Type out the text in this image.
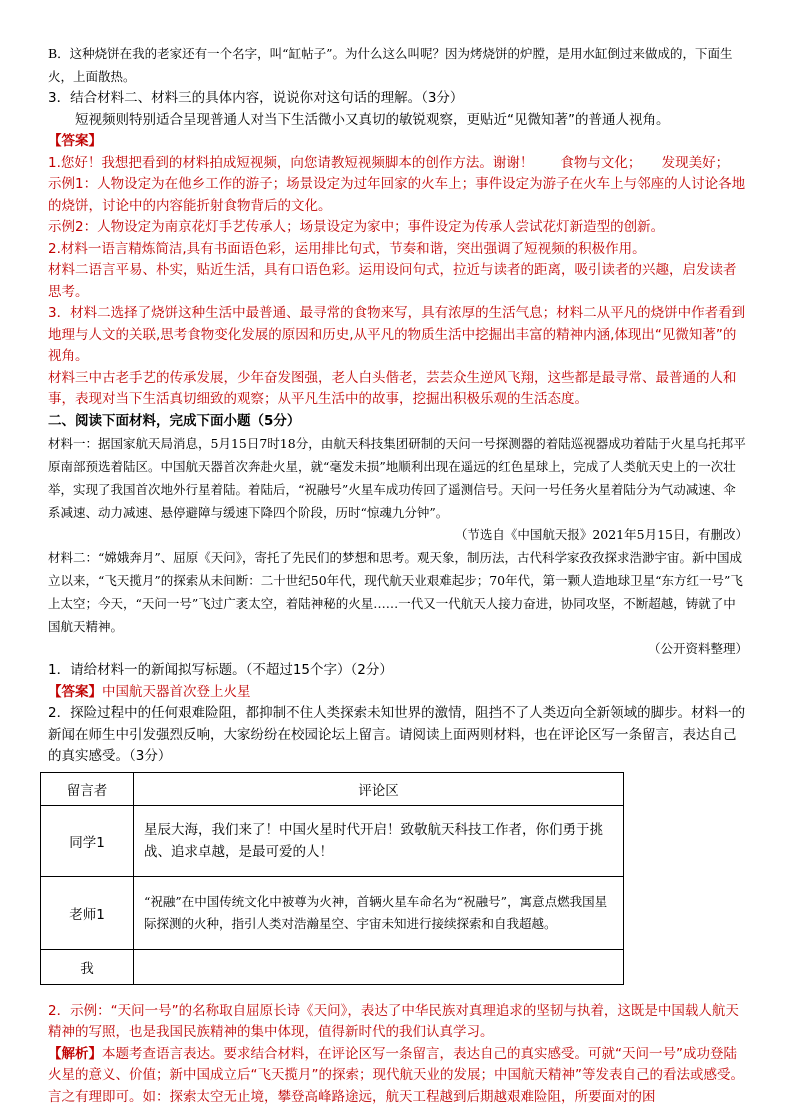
B．这种烧饼在我的老家还有一个名字，叫“缸帖子”。为什么这么叫呢？因为烤烧饼的炉膛，是用水缸倒过来做成的，下面生火，上面散热。

3．结合材料二、材料三的具体内容，说说你对这句话的理解。（3分）

短视频则特别适合呈现普通人对当下生活微小又真切的敏锐观察，更贴近“见微知著”的普通人视角。

【答案】

1.您好！我想把看到的材料拍成短视频，向您请教短视频脚本的创作方法。谢谢！　　食物与文化；　　发现美好；　　示例1：人物设定为在他乡工作的游子；场景设定为过年回家的火车上；事件设定为游子在火车上与邻座的人讨论各地的烧饼，讨论中的内容能折射食物背后的文化。

示例2：人物设定为南京花灯手艺传承人；场景设定为家中；事件设定为传承人尝试花灯新造型的创新。

2.材料一语言精炼简洁,具有书面语色彩，运用排比句式，节奏和谐，突出强调了短视频的积极作用。

材料二语言平易、朴实，贴近生活，具有口语色彩。运用设问句式，拉近与读者的距离，吸引读者的兴趣，启发读者思考。

3．材料二选择了烧饼这种生活中最普通、最寻常的食物来写，具有浓厚的生活气息；材料二从平凡的烧饼中作者看到地理与人文的关联,思考食物变化发展的原因和历史,从平凡的物质生活中挖掘出丰富的精神内涵,体现出“见微知著”的视角。

材料三中古老手艺的传承发展，少年奋发图强，老人白头偕老，芸芸众生逆风飞翔，这些都是最寻常、最普通的人和事，表现对当下生活真切细致的观察；从平凡生活中的故事，挖掘出积极乐观的生活态度。

二、阅读下面材料，完成下面小题（5分）

材料一：据国家航天局消息，5月15日7时18分，由航天科技集团研制的天问一号探测器的着陆巡视器成功着陆于火星乌托邦平原南部预选着陆区。中国航天器首次奔赴火星，就“毫发未损”地顺利出现在遥远的红色星球上，完成了人类航天史上的一次壮举，实现了我国首次地外行星着陆。着陆后，“祝融号”火星车成功传回了遥测信号。天问一号任务火星着陆分为气动减速、伞系减速、动力减速、悬停避障与缓速下降四个阶段，历时“惊魂九分钟”。

（节选自《中国航天报》2021年5月15日，有删改）

材料二：“嫦娥奔月”、屈原《天问》，寄托了先民们的梦想和思考。观天象，制历法，古代科学家孜孜探求浩渺宇宙。新中国成立以来，“飞天揽月”的探索从未间断：二十世纪50年代，现代航天业艰难起步；70年代，第一颗人造地球卫星“东方红一号”飞上太空；今天，“天问一号”飞过广袤太空，着陆神秘的火星……一代又一代航天人接力奋进，协同攻坚，不断超越，铸就了中国航天精神。

（公开资料整理）

1．请给材料一的新闻拟写标题。（不超过15个字）（2分）

【答案】中国航天器首次登上火星

2．探险过程中的任何艰难险阻，都抑制不住人类探索未知世界的激情，阻挡不了人类迈向全新领域的脚步。材料一的新闻在师生中引发强烈反响，大家纷纷在校园论坛上留言。请阅读上面两则材料，也在评论区写一条留言，表达自己的真实感受。（3分）

留言者	评论区
同学1	星辰大海，我们来了！中国火星时代开启！致敬航天科技工作者，你们勇于挑战、追求卓越，是最可爱的人！
老师1	“祝融”在中国传统文化中被尊为火神，首辆火星车命名为“祝融号”，寓意点燃我国星际探测的火种，指引人类对浩瀚星空、宇宙未知进行接续探索和自我超越。
我	

2．示例：“天问一号”的名称取自屈原长诗《天问》，表达了中华民族对真理追求的坚韧与执着，这既是中国载人航天精神的写照，也是我国民族精神的集中体现，值得新时代的我们认真学习。

【解析】本题考查语言表达。要求结合材料，在评论区写一条留言，表达自己的真实感受。可就“天问一号”成功登陆火星的意义、价值；新中国成立后“飞天揽月”的探索；现代航天业的发展；中国航天精神”等发表自己的看法或感受。言之有理即可。如：探索太空无止境，攀登高峰路途远，航天工程越到后期越艰难险阻，所要面对的困
